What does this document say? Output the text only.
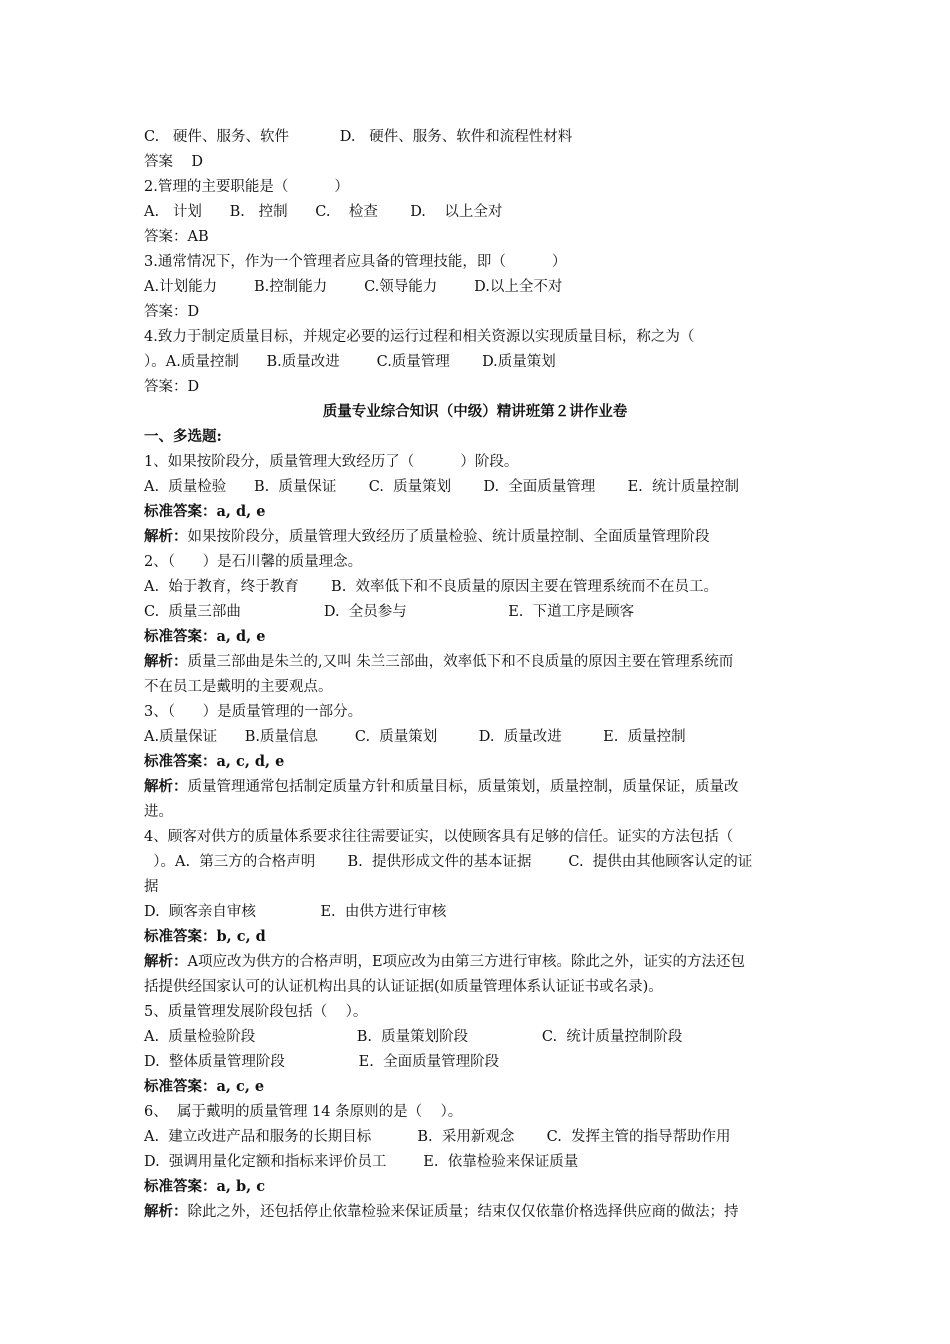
C.   硬件、服务、软件           D.   硬件、服务、软件和流程性材料
答案    D
2.管理的主要职能是（          ）
A.   计划      B.   控制      C.    检查       D.    以上全对
答案：AB
3.通常情况下，作为一个管理者应具备的管理技能，即（          ）
A.计划能力        B.控制能力        C.领导能力        D.以上全不对
答案：D
4.致力于制定质量目标，并规定必要的运行过程和相关资源以实现质量目标，称之为（
）。A.质量控制      B.质量改进        C.质量管理       D.质量策划
答案：D
质量专业综合知识（中级）精讲班第２讲作业卷
一、多选题:
1、如果按阶段分，质量管理大致经历了（          ）阶段。
A.  质量检验      B.  质量保证       C.  质量策划       D.  全面质量管理       E.  统计质量控制
标准答案：a, d, e
解析：如果按阶段分，质量管理大致经历了质量检验、统计质量控制、全面质量管理阶段
2、（      ）是石川馨的质量理念。
A.  始于教育，终于教育       B.  效率低下和不良质量的原因主要在管理系统而不在员工。
C.  质量三部曲                  D.  全员参与                      E.  下道工序是顾客
标准答案：a, d, e
解析：质量三部曲是朱兰的,又叫 朱兰三部曲，效率低下和不良质量的原因主要在管理系统而
不在员工是戴明的主要观点。
3、（      ）是质量管理的一部分。
A.质量保证      B.质量信息        C.  质量策划         D.  质量改进         E.  质量控制
标准答案：a, c, d, e
解析：质量管理通常包括制定质量方针和质量目标，质量策划，质量控制，质量保证，质量改
进。
4、顾客对供方的质量体系要求往往需要证实，以使顾客具有足够的信任。证实的方法包括（
）。A.  第三方的合格声明       B.  提供形成文件的基本证据        C.  提供由其他顾客认定的证
据
D.  顾客亲自审核              E.  由供方进行审核
标准答案：b, c, d
解析：A项应改为供方的合格声明，E项应改为由第三方进行审核。除此之外，证实的方法还包
括提供经国家认可的认证机构出具的认证证据(如质量管理体系认证证书或名录)。
5、质量管理发展阶段包括（    ）。
A.  质量检验阶段                      B.  质量策划阶段                C.  统计质量控制阶段
D.  整体质量管理阶段                E.  全面质量管理阶段
标准答案：a, c, e
6、  属于戴明的质量管理 14 条原则的是（    ）。
A.  建立改进产品和服务的长期目标          B.  采用新观念       C.  发挥主管的指导帮助作用
D.  强调用量化定额和指标来评价员工        E.  依靠检验来保证质量
标准答案：a, b, c
解析：除此之外，还包括停止依靠检验来保证质量；结束仅仅依靠价格选择供应商的做法；持
